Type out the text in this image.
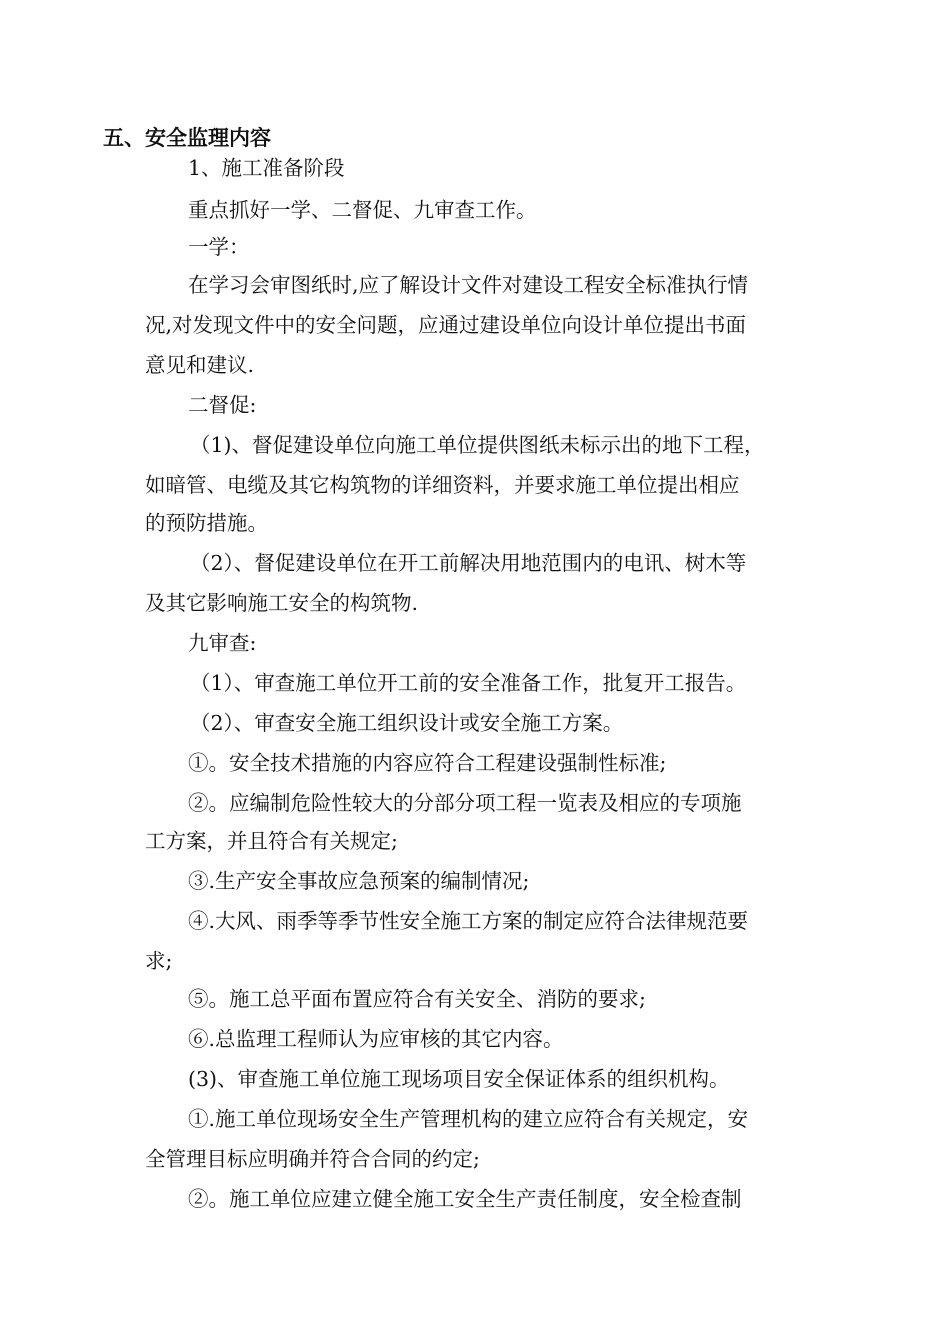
五、安全监理内容
1、施工准备阶段
重点抓好一学、二督促、九审查工作。
一学：
在学习会审图纸时,应了解设计文件对建设工程安全标准执行情
况,对发现文件中的安全问题，应通过建设单位向设计单位提出书面
意见和建议.
二督促:
（1)、督促建设单位向施工单位提供图纸未标示出的地下工程，
如暗管、电缆及其它构筑物的详细资料，并要求施工单位提出相应
的预防措施。
（2）、督促建设单位在开工前解决用地范围内的电讯、树木等
及其它影响施工安全的构筑物.
九审查:
（1）、审查施工单位开工前的安全准备工作，批复开工报告。
（2）、审查安全施工组织设计或安全施工方案。
①。安全技术措施的内容应符合工程建设强制性标准;
②。应编制危险性较大的分部分项工程一览表及相应的专项施
工方案，并且符合有关规定;
③.生产安全事故应急预案的编制情况;
④.大风、雨季等季节性安全施工方案的制定应符合法律规范要
求;
⑤。施工总平面布置应符合有关安全、消防的要求;
⑥.总监理工程师认为应审核的其它内容。
(3)、审查施工单位施工现场项目安全保证体系的组织机构。
①.施工单位现场安全生产管理机构的建立应符合有关规定，安
全管理目标应明确并符合合同的约定;
②。施工单位应建立健全施工安全生产责任制度，安全检查制
